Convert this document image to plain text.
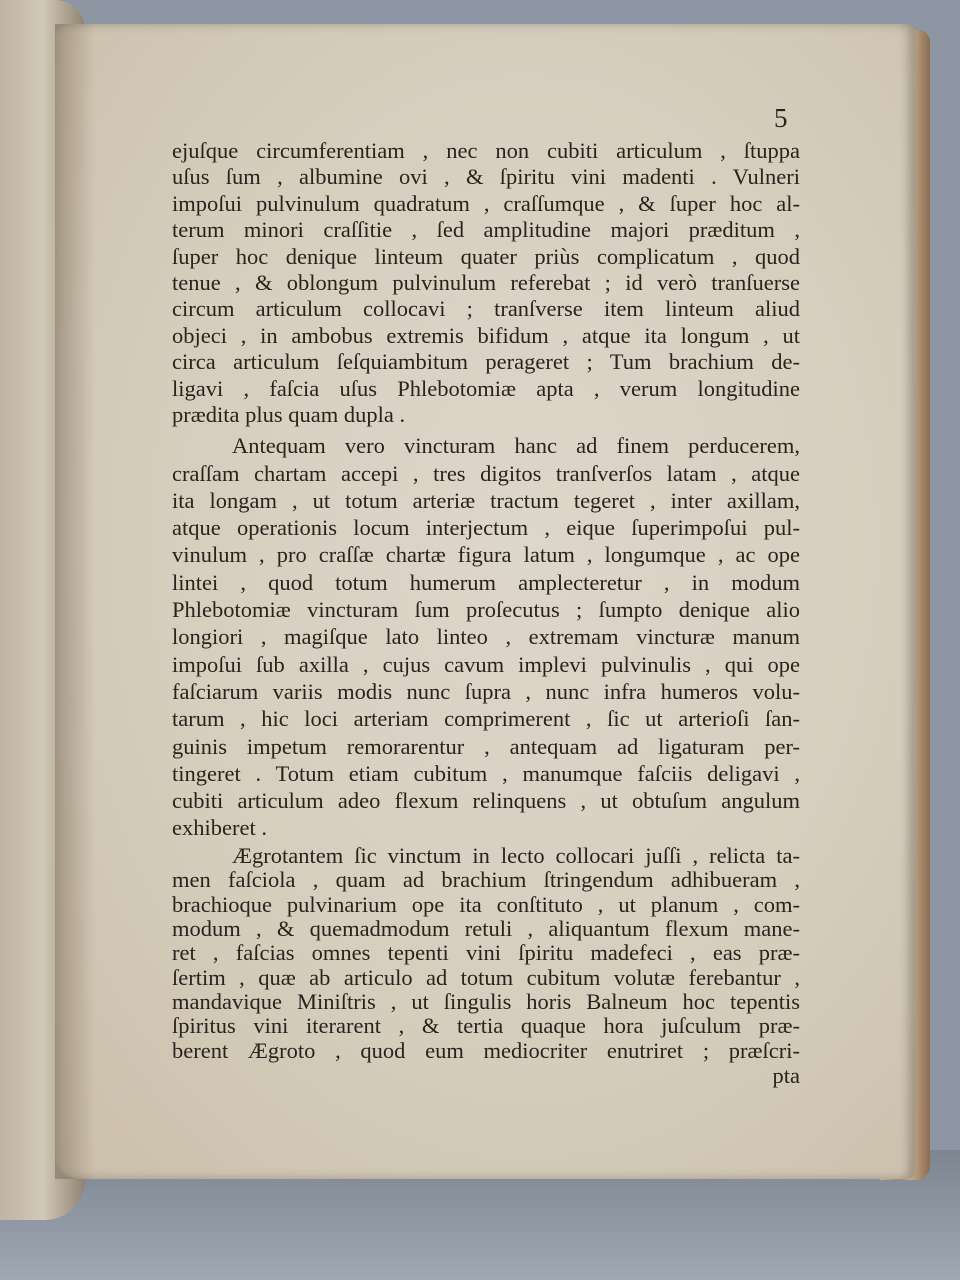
5
ejuſque circumferentiam , nec non cubiti articulum , ſtuppa
uſus ſum , albumine ovi , & ſpiritu vini madenti . Vulneri
impoſui pulvinulum quadratum , craſſumque , & ſuper hoc al-
terum minori craſſitie , ſed amplitudine majori præditum ,
ſuper hoc denique linteum quater priùs complicatum , quod
tenue , & oblongum pulvinulum referebat ; id verò tranſuerse
circum articulum collocavi ; tranſverse item linteum aliud
objeci , in ambobus extremis bifidum , atque ita longum , ut
circa articulum ſeſquiambitum perageret ; Tum brachium de-
ligavi , faſcia uſus Phlebotomiæ apta , verum longitudine
prædita plus quam dupla .
Antequam vero vincturam hanc ad finem perducerem,
craſſam chartam accepi , tres digitos tranſverſos latam , atque
ita longam , ut totum arteriæ tractum tegeret , inter axillam,
atque operationis locum interjectum , eique ſuperimpoſui pul-
vinulum , pro craſſæ chartæ figura latum , longumque , ac ope
lintei , quod totum humerum amplecteretur , in modum
Phlebotomiæ vincturam ſum proſecutus ; ſumpto denique alio
longiori , magiſque lato linteo , extremam vincturæ manum
impoſui ſub axilla , cujus cavum implevi pulvinulis , qui ope
faſciarum variis modis nunc ſupra , nunc infra humeros volu-
tarum , hic loci arteriam comprimerent , ſic ut arterioſi ſan-
guinis impetum remorarentur , antequam ad ligaturam per-
tingeret . Totum etiam cubitum , manumque faſciis deligavi ,
cubiti articulum adeo flexum relinquens , ut obtuſum angulum
exhiberet .
Ægrotantem ſic vinctum in lecto collocari juſſi , relicta ta-
men faſciola , quam ad brachium ſtringendum adhibueram ,
brachioque pulvinarium ope ita conſtituto , ut planum , com-
modum , & quemadmodum retuli , aliquantum flexum mane-
ret , faſcias omnes tepenti vini ſpiritu madefeci , eas præ-
ſertim , quæ ab articulo ad totum cubitum volutæ ferebantur ,
mandavique Miniſtris , ut ſingulis horis Balneum hoc tepentis
ſpiritus vini iterarent , & tertia quaque hora juſculum præ-
berent Ægroto , quod eum mediocriter enutriret ; præſcri-
pta
